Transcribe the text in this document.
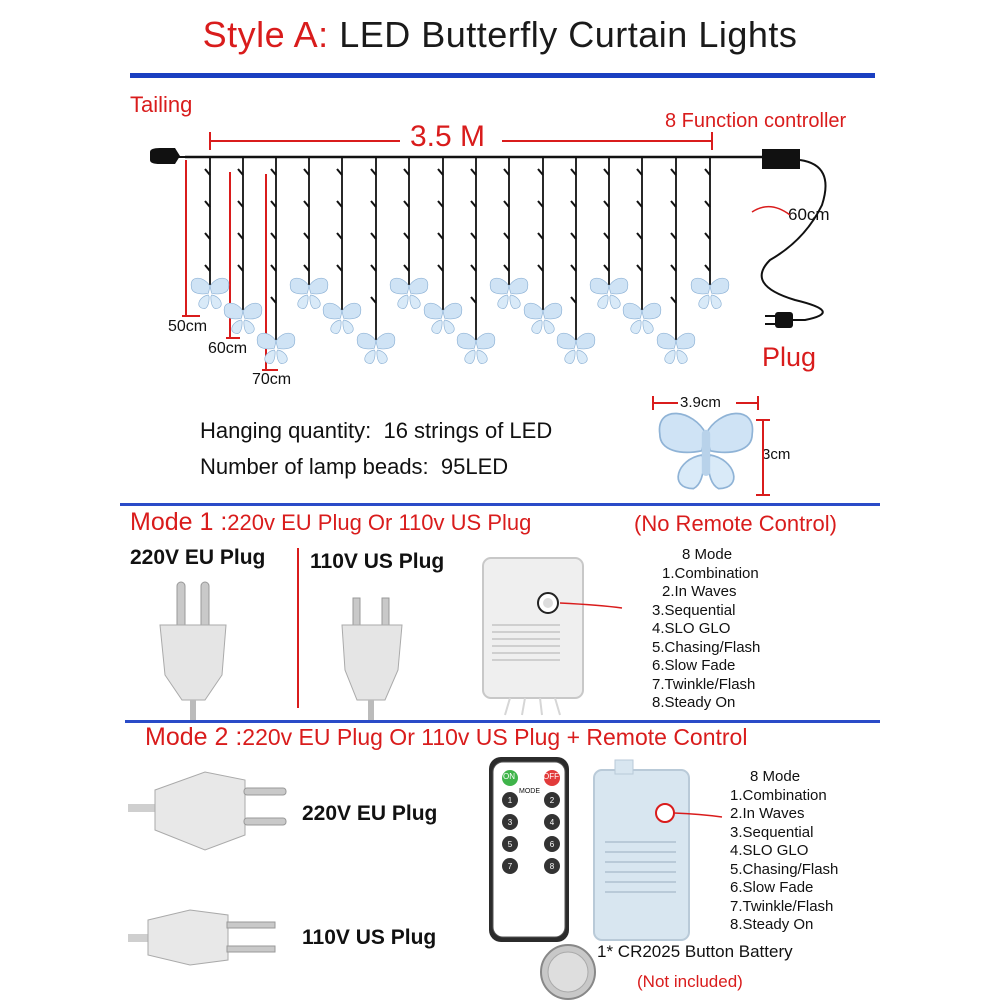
Style A: LED Butterfly Curtain Lights
Tailing
3.5 M	8 Function controller
60cm
Plug
50cm
60cm
70cm
3.9cm
3cm
Hanging quantity: 16 strings of LED
Number of lamp beads: 95LED
Mode 1 :220v EU Plug Or 110v US Plug	(No Remote Control)
220V EU Plug 110V US Plug	8 Mode
1.Combination
2.In Waves
3.Sequential
4.SLO GLO
5.Chasing/Flash
6.Slow Fade
7.Twinkle/Flash
8.Steady On
Mode 2 :220v EU Plug Or 110v US Plug + Remote Control
220V EU Plug
110V US Plug
1	2
3	4
5	6
7	8
ON	OFF
MODE
8 Mode
1.Combination
2.In Waves
3.Sequential
4.SLO GLO
5.Chasing/Flash
6.Slow Fade
7.Twinkle/Flash
8.Steady On
1* CR2025 Button Battery
(Not included)
